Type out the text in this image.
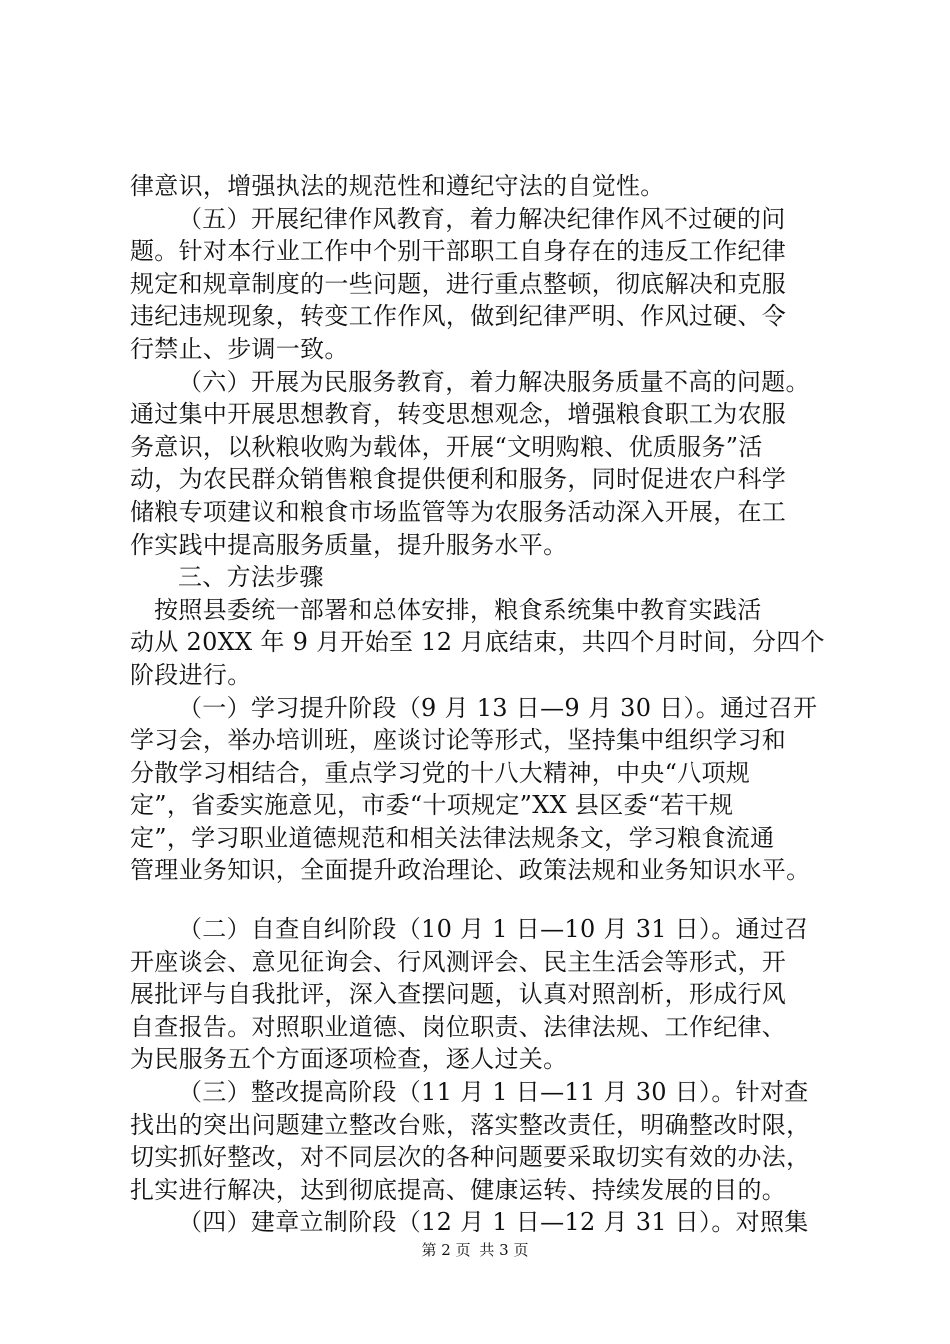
律意识，增强执法的规范性和遵纪守法的自觉性。
（五）开展纪律作风教育，着力解决纪律作风不过硬的问
题。针对本行业工作中个别干部职工自身存在的违反工作纪律
规定和规章制度的一些问题，进行重点整顿，彻底解决和克服
违纪违规现象，转变工作作风，做到纪律严明、作风过硬、令
行禁止、步调一致。
（六）开展为民服务教育，着力解决服务质量不高的问题。
通过集中开展思想教育，转变思想观念，增强粮食职工为农服
务意识，以秋粮收购为载体，开展“文明购粮、优质服务”活
动，为农民群众销售粮食提供便利和服务，同时促进农户科学
储粮专项建议和粮食市场监管等为农服务活动深入开展，在工
作实践中提高服务质量，提升服务水平。
三、方法步骤
按照县委统一部署和总体安排，粮食系统集中教育实践活
动从 20XX 年 9 月开始至 12 月底结束，共四个月时间，分四个
阶段进行。
（一）学习提升阶段（9 月 13 日—9 月 30 日）。通过召开
学习会，举办培训班，座谈讨论等形式，坚持集中组织学习和
分散学习相结合，重点学习党的十八大精神，中央“八项规
定”，省委实施意见，市委“十项规定”XX 县区委“若干规
定”，学习职业道德规范和相关法律法规条文，学习粮食流通
管理业务知识，全面提升政治理论、政策法规和业务知识水平。
（二）自查自纠阶段（10 月 1 日—10 月 31 日）。通过召
开座谈会、意见征询会、行风测评会、民主生活会等形式，开
展批评与自我批评，深入查摆问题，认真对照剖析，形成行风
自查报告。对照职业道德、岗位职责、法律法规、工作纪律、
为民服务五个方面逐项检查，逐人过关。
（三）整改提高阶段（11 月 1 日—11 月 30 日）。针对查
找出的突出问题建立整改台账，落实整改责任，明确整改时限，
切实抓好整改，对不同层次的各种问题要采取切实有效的办法，
扎实进行解决，达到彻底提高、健康运转、持续发展的目的。
（四）建章立制阶段（12 月 1 日—12 月 31 日）。对照集
第 2 页 共 3 页
